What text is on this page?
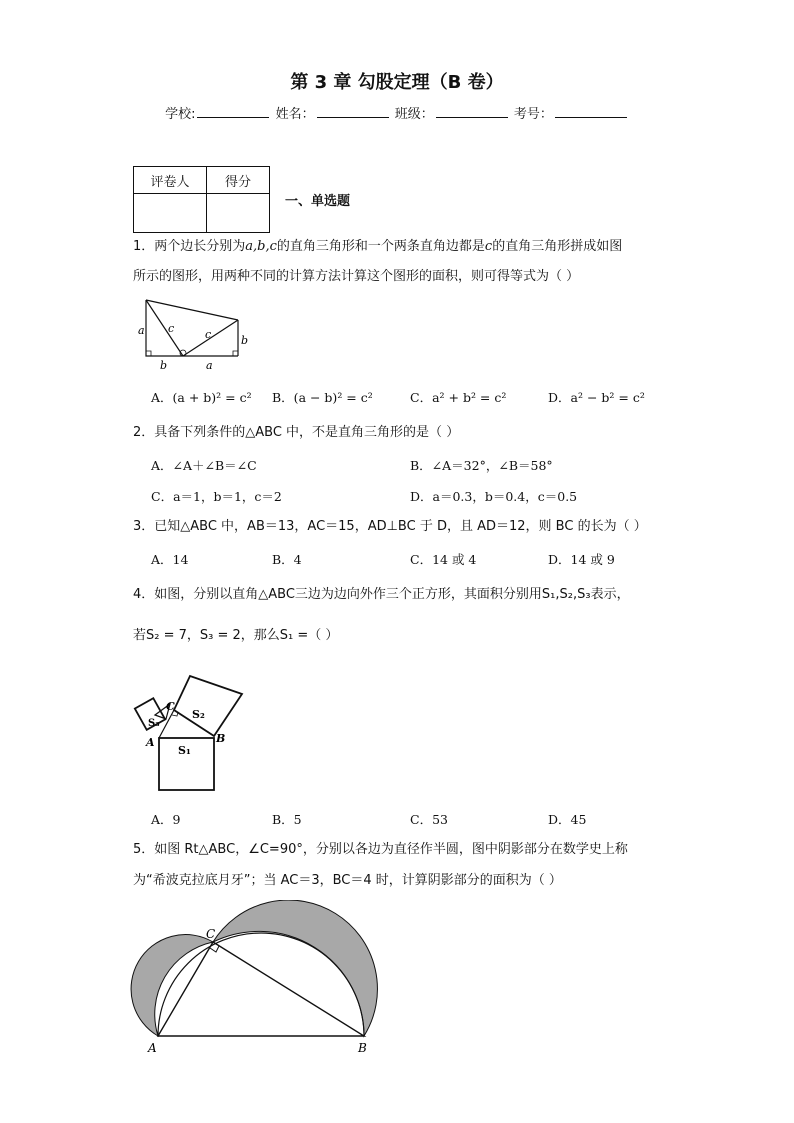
第 3 章 勾股定理（B 卷）
学校:	姓名：	班级：	考号：
评卷人	得分

一、单选题
1．两个边长分别为a,b,c的直角三角形和一个两条直角边都是c的直角三角形拼成如图
所示的图形，用两种不同的计算方法计算这个图形的面积，则可得等式为（ ）
a c	c	b
b	a
A．(a + b)² = c² B．(a − b)² = c²	C．a² + b² = c²	D．a² − b² = c²
2．具备下列条件的△ABC 中，不是直角三角形的是（ ）
A．∠A＋∠B＝∠C	B．∠A＝32°，∠B＝58°
C．a＝1，b＝1，c＝2	D．a＝0.3，b＝0.4，c＝0.5
3．已知△ABC 中，AB＝13，AC＝15，AD⊥BC 于 D，且 AD＝12，则 BC 的长为（ ）
A．14	B．4	C．14 或 4	D．14 或 9
4．如图，分别以直角△ABC三边为边向外作三个正方形，其面积分别用S₁,S₂,S₃表示，
若S₂ = 7，S₃ = 2，那么S₁ =（ ）
C
A	B
S₁
S₂
S₃
A．9	B．5	C．53	D．45
5．如图 Rt△ABC，∠C=90°，分别以各边为直径作半圆，图中阴影部分在数学史上称
为“希波克拉底月牙”；当 AC＝3，BC＝4 时，计算阴影部分的面积为（ ）
A	B
C
